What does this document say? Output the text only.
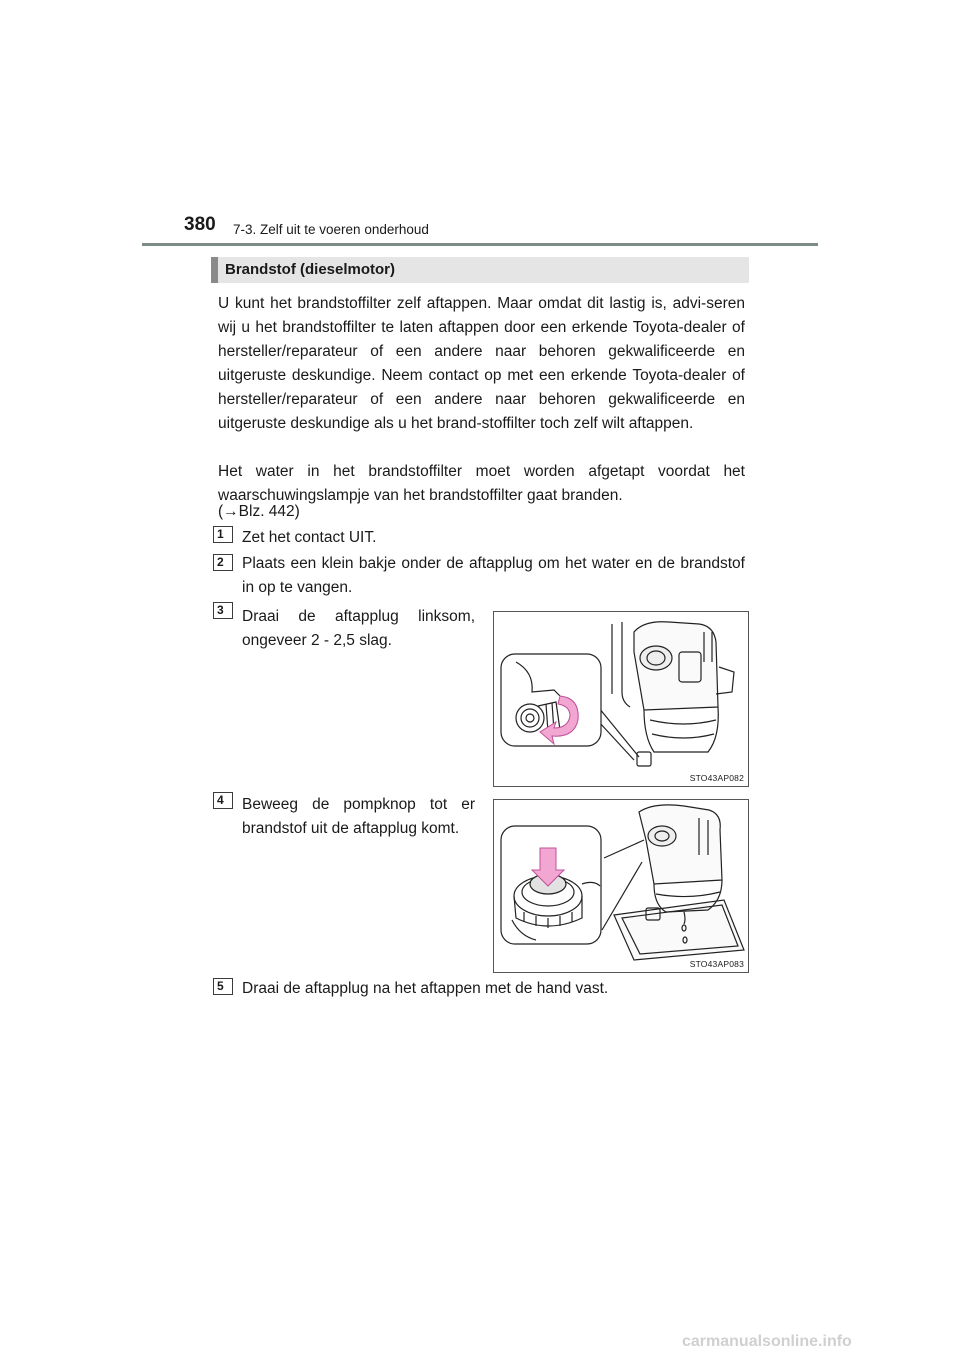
380 7-3. Zelf uit te voeren onderhoud
Brandstof (dieselmotor)

U kunt het brandstoffilter zelf aftappen. Maar omdat dit lastig is, advi-seren wij u het brandstoffilter te laten aftappen door een erkende Toyota-dealer of hersteller/reparateur of een andere naar behoren gekwalificeerde en uitgeruste deskundige. Neem contact op met een erkende Toyota-dealer of hersteller/reparateur of een andere naar behoren gekwalificeerde en uitgeruste deskundige als u het brand-stoffilter toch zelf wilt aftappen.

Het water in het brandstoffilter moet worden afgetapt voordat het waarschuwingslampje van het brandstoffilter gaat branden.

(→Blz. 442)
1	Zet het contact UIT.

2	Plaats een klein bakje onder de aftapplug om het water en de brandstof in op te vangen.

3	Draai de aftapplug linksom, ongeveer 2 - 2,5 slag.

STO43AP082
4	Beweeg de pompknop tot er brandstof uit de aftapplug komt.

STO43AP083
5	Draai de aftapplug na het aftappen met de hand vast.

carmanualsonline.info
